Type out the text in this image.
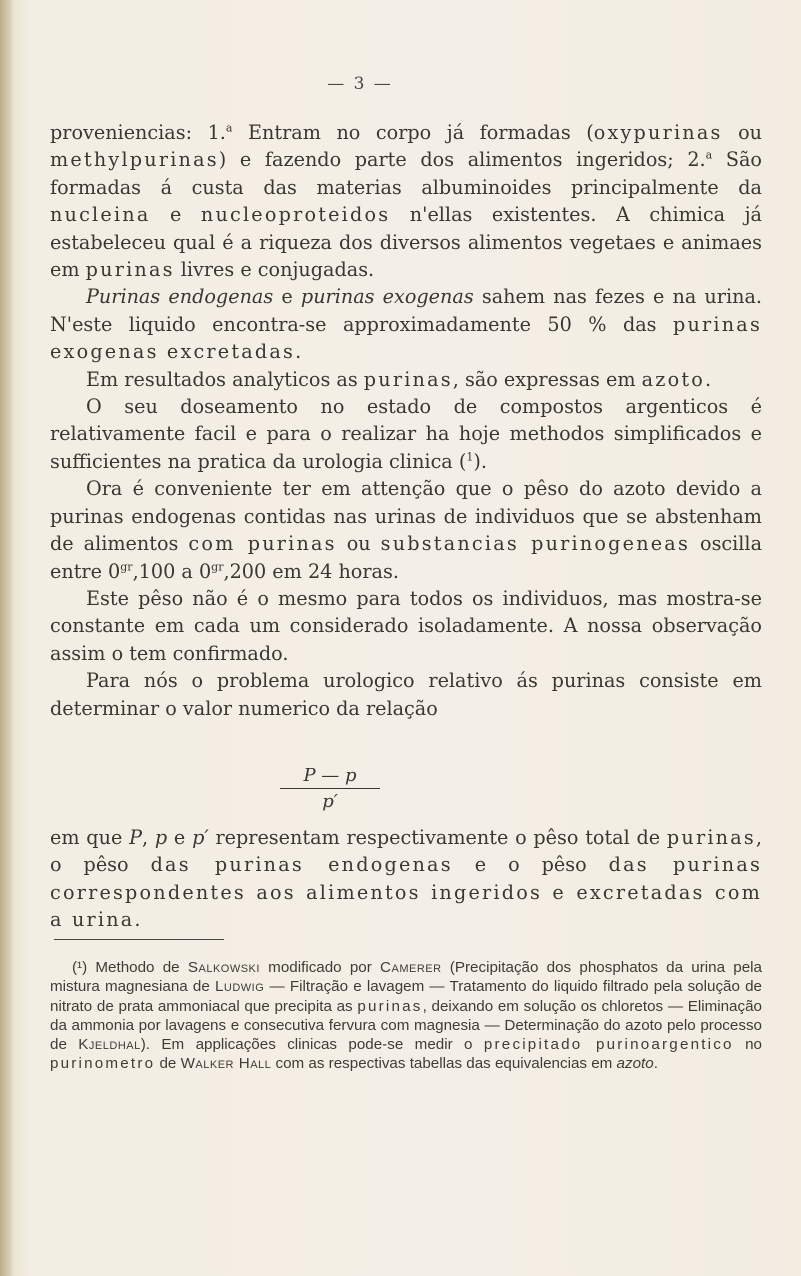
— 3 —

proveniencias: 1.$^a$ Entram no corpo já formadas (oxypurinas ou methylpurinas) e fazendo parte dos alimentos ingeridos; 2.$^a$ São formadas á custa das materias albuminoides principalmente da nucleina e nucleoproteidos n'ellas existentes. A chimica já estabeleceu qual é a riqueza dos diversos alimentos vegetaes e animaes em purinas livres e conjugadas.

Purinas endogenas e purinas exogenas sahem nas fezes e na urina. N'este liquido encontra-se approximadamente 50 % das purinas exogenas excretadas.

Em resultados analyticos as purinas, são expressas em azoto.

O seu doseamento no estado de compostos argenticos é relativamente facil e para o realizar ha hoje methodos simplificados e sufficientes na pratica da urologia clinica ($^1$).

Ora é conveniente ter em attenção que o pêso do azoto devido a purinas endogenas contidas nas urinas de individuos que se abstenham de alimentos com purinas ou substancias purinogeneas oscilla entre $0^{gr},100$ a $0^{gr},200$ em 24 horas.

Este pêso não é o mesmo para todos os individuos, mas mostra-se constante em cada um considerado isoladamente. A nossa observação assim o tem confirmado.

Para nós o problema urologico relativo ás purinas consiste em determinar o valor numerico da relação

$\frac{P — p}{p'}$

em que P, p e p′ representam respectivamente o pêso total de purinas, o pêso das purinas endogenas e o pêso das purinas correspondentes aos alimentos ingeridos e excretadas com a urina.

(¹) Methodo de Salkowski modificado por Camerer (Precipitação dos phosphatos da urina pela mistura magnesiana de Ludwig — Filtração e lavagem — Tratamento do liquido filtrado pela solução de nitrato de prata ammoniacal que precipita as purinas, deixando em solução os chloretos — Eliminação da ammonia por lavagens e consecutiva fervura com magnesia — Determinação do azoto pelo processo de Kjeldhal). Em applicações clinicas pode-se medir o precipitado purinoargentico no purinometro de Walker Hall com as respectivas tabellas das equivalencias em azoto.
